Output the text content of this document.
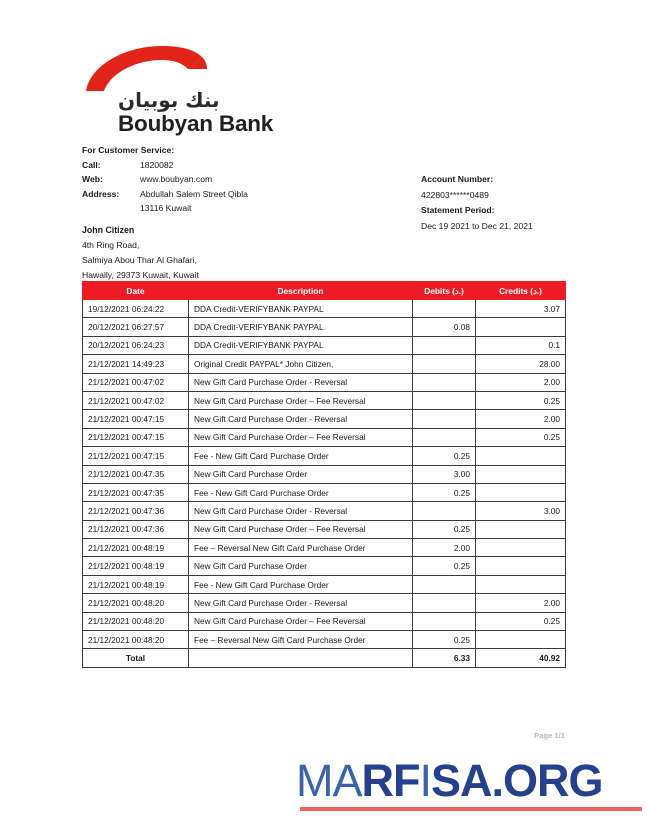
بنك بوبيان
Boubyan Bank
For Customer Service:
Call:	1820082
Web:	www.boubyan.com
Address:	Abdullah Salem Street Qibla
13116 Kuwait
John Citizen
4th Ring Road,
Salmiya Abou Thar Al Ghafari,
Hawally, 29373 Kuwait, Kuwait
Account Number:
422803******0489
Statement Period:
Dec 19 2021 to Dec 21, 2021
Date	Description	Debits (د.)	Credits (د.)
19/12/2021 06:24:22	DDA Credit-VERIFYBANK PAYPAL		3.07
20/12/2021 06:27:57	DDA Credit-VERIFYBANK PAYPAL	0.08	
20/12/2021 06:24:23	DDA Credit-VERIFYBANK PAYPAL		0.1
21/12/2021 14:49:23	Original Credit PAYPAL* John Citizen,		28.00
21/12/2021 00:47:02	New Gift Card Purchase Order - Reversal		2.00
21/12/2021 00:47:02	New Gift Card Purchase Order – Fee Reversal		0.25
21/12/2021 00:47:15	New Gift Card Purchase Order - Reversal		2.00
21/12/2021 00:47:15	New Gift Card Purchase Order – Fee Reversal		0.25
21/12/2021 00:47:15	Fee - New Gift Card Purchase Order	0.25	
21/12/2021 00:47:35	New Gift Card Purchase Order	3.00	
21/12/2021 00:47:35	Fee - New Gift Card Purchase Order	0.25	
21/12/2021 00:47:36	New Gift Card Purchase Order - Reversal		3.00
21/12/2021 00:47:36	New Gift Card Purchase Order – Fee Reversal	0.25	
21/12/2021 00:48:19	Fee – Reversal New Gift Card Purchase Order	2.00	
21/12/2021 00:48:19	New Gift Card Purchase Order	0.25	
21/12/2021 00:48:19	Fee - New Gift Card Purchase Order		
21/12/2021 00:48:20	New Gift Card Purchase Order - Reversal		2.00
21/12/2021 00:48:20	New Gift Card Purchase Order – Fee Reversal		0.25
21/12/2021 00:48:20	Fee – Reversal New Gift Card Purchase Order	0.25	
Total		6.33	40.92
Page 1/1
MARFISA.ORG
